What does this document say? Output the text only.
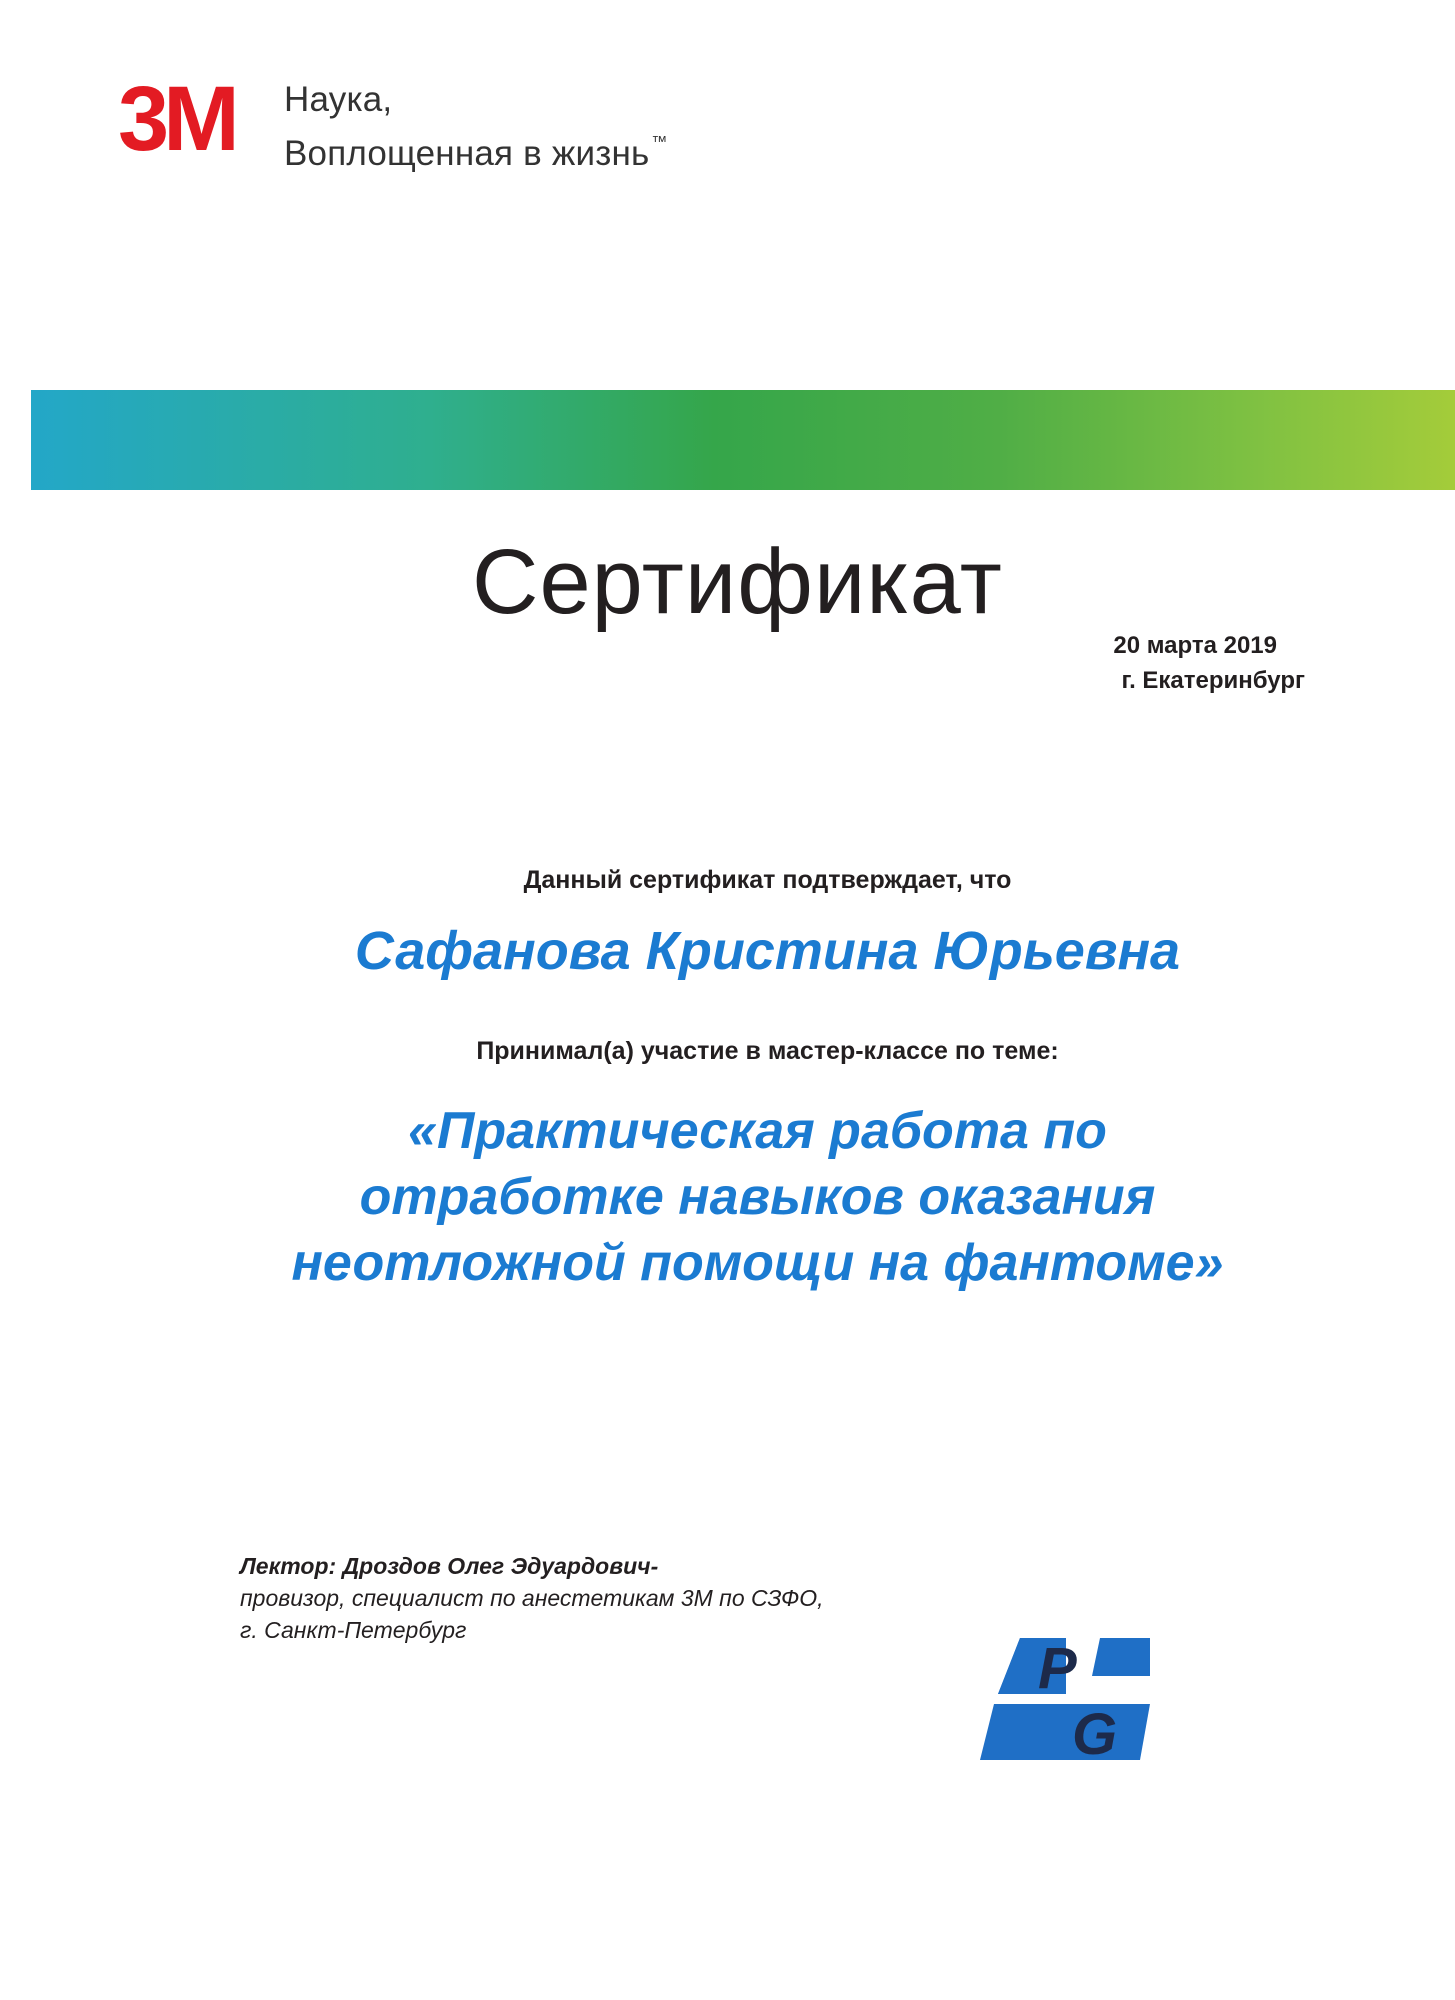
3M Наука,
Воплощенная в жизнь ™
Сертификат
20 марта 2019
г. Екатеринбург
Данный сертификат подтверждает, что
Сафанова Кристина Юрьевна
Принимал(а) участие в мастер-классе по теме:
«Практическая работа по
отработке навыков оказания
неотложной помощи на фантоме»
Лектор: Дроздов Олег Эдуардович-
провизор, специалист по анестетикам 3М по СЗФО,
г. Санкт-Петербург
P
G
